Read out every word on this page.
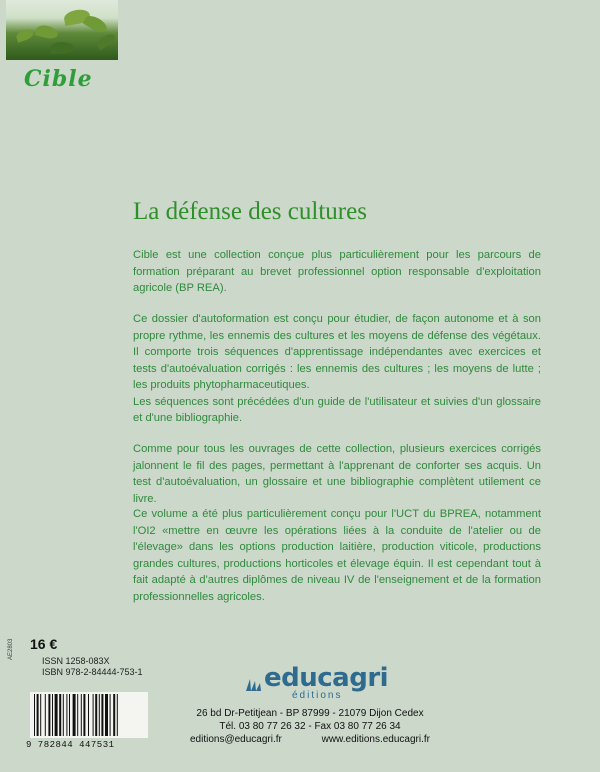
Cible
La défense des cultures

Cible est une collection conçue plus particulièrement pour les parcours de formation préparant au brevet professionnel option responsable d'exploitation agricole (BP REA).

Ce dossier d'autoformation est conçu pour étudier, de façon autonome et à son propre rythme, les ennemis des cultures et les moyens de défense des végétaux. Il comporte trois séquences d'apprentissage indépendantes avec exercices et tests d'autoévaluation corrigés : les ennemis des cultures ; les moyens de lutte ; les produits phytopharmaceutiques.
Les séquences sont précédées d'un guide de l'utilisateur et suivies d'un glossaire et d'une bibliographie.

Comme pour tous les ouvrages de cette collection, plusieurs exercices corrigés jalonnent le fil des pages, permettant à l'apprenant de conforter ses acquis. Un test d'autoévaluation, un glossaire et une bibliographie complètent utilement ce livre.

Ce volume a été plus particulièrement conçu pour l'UCT du BPREA, notamment l'OI2 «mettre en œuvre les opérations liées à la conduite de l'atelier ou de l'élevage» dans les options production laitière, production viticole, productions grandes cultures, productions horticoles et élevage équin. Il est cependant tout à fait adapté à d'autres diplômes de niveau IV de l'enseignement et de la formation professionnelles agricoles.

16 €
AE2803
ISSN 1258-083X
ISBN 978-2-84444-753-1
9 782844 447531
educagri
éditions
26 bd Dr-Petitjean - BP 87999 - 21079 Dijon Cedex
Tél. 03 80 77 26 32 - Fax 03 80 77 26 34
editions@educagri.fr	www.editions.educagri.fr
